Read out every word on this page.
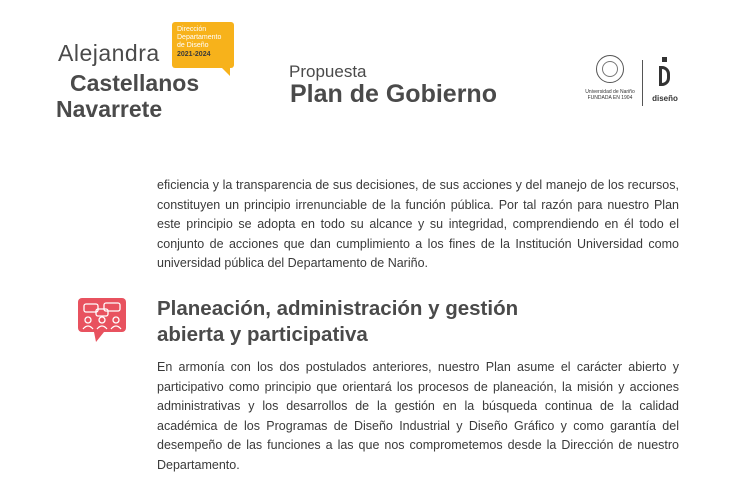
Alejandra
Castellanos
Navarrete
Dirección
Departamento
de Diseño
2021-2024
Propuesta
Plan de Gobierno	Universidad de Nariño
FUNDADA EN 1904	diseño

eficiencia y la transparencia de sus decisiones, de sus acciones y del manejo de los recursos, constituyen un principio irrenunciable de la función pública. Por tal razón para nuestro Plan este principio se adopta en todo su alcance y su integridad, comprendiendo en él todo el conjunto de acciones que dan cumplimiento a los fines de la Institución Universidad como universidad pública del Departamento de Nariño.

Planeación, administración y gestión
abierta y participativa

En armonía con los dos postulados anteriores, nuestro Plan asume el carácter abierto y participativo como principio que orientará los procesos de planeación, la misión y acciones administrativas y los desarrollos de la gestión en la búsqueda continua de la calidad académica de los Programas de Diseño Industrial y Diseño Gráfico y como garantía del desempeño de las funciones a las que nos comprometemos desde la Dirección de nuestro Departamento.
